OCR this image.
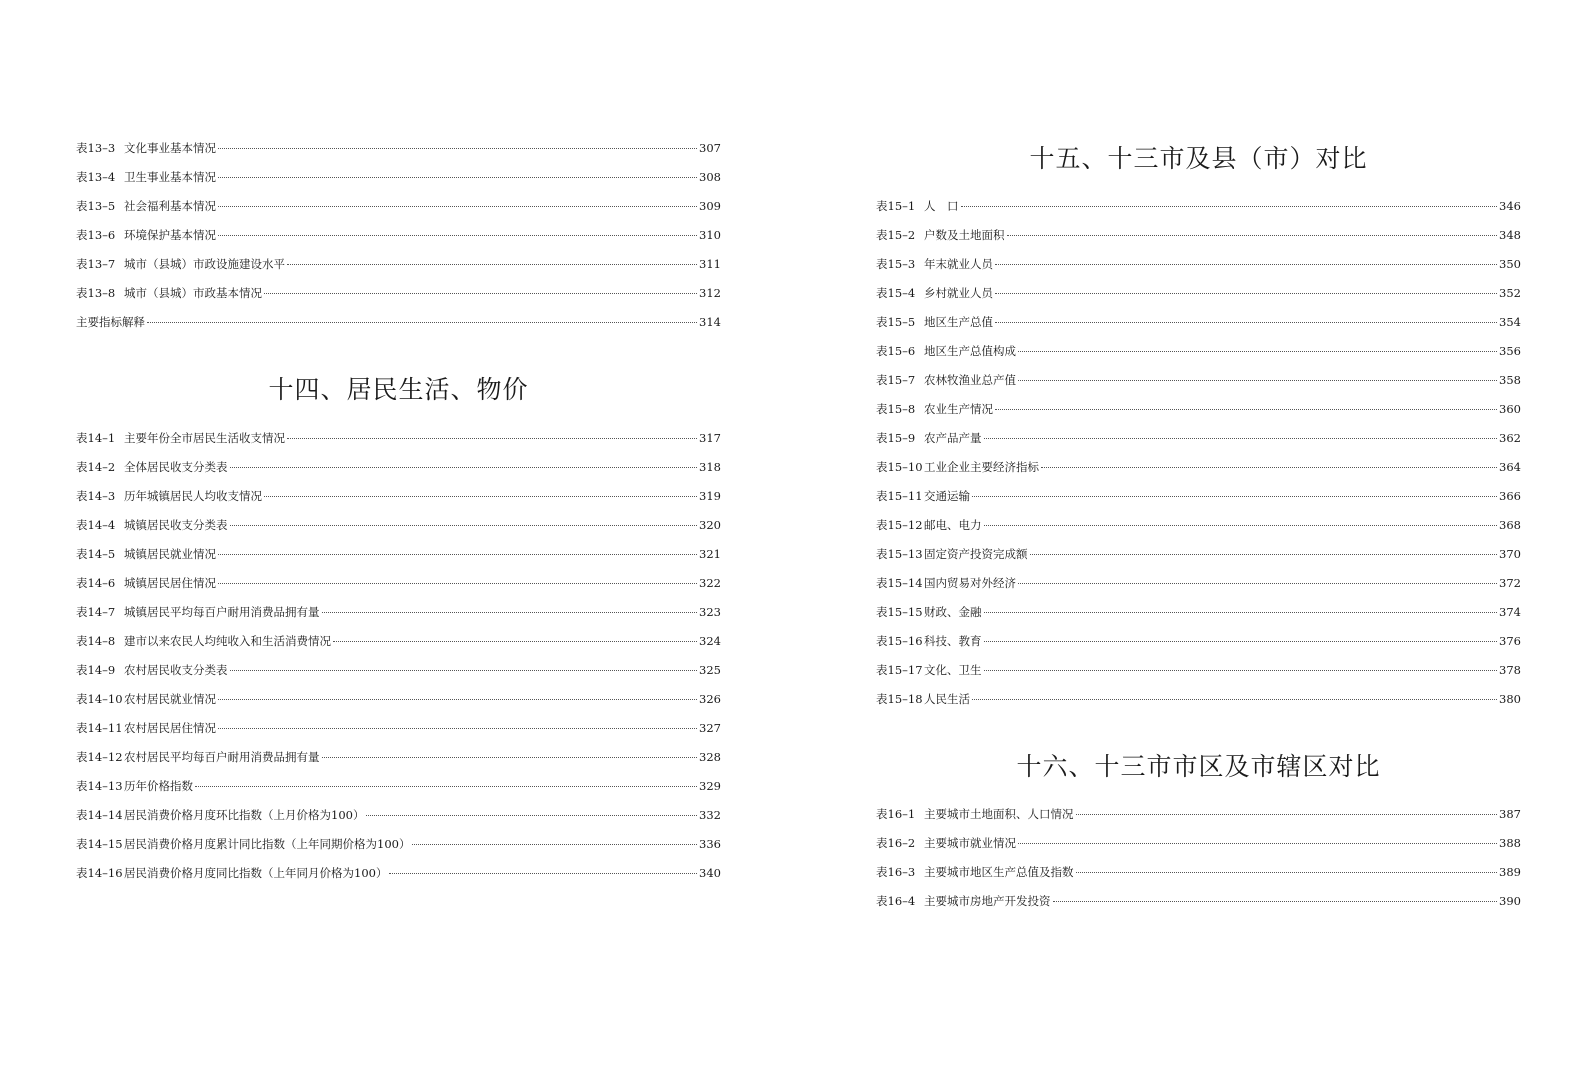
表13–3 文化事业基本情况	307
表13–4 卫生事业基本情况	308
表13–5 社会福利基本情况	309
表13–6 环境保护基本情况	310
表13–7 城市（县城）市政设施建设水平	311
表13–8 城市（县城）市政基本情况	312
主要指标解释	314
十四、居民生活、物价
表14–1 主要年份全市居民生活收支情况	317
表14–2 全体居民收支分类表	318
表14–3 历年城镇居民人均收支情况	319
表14–4 城镇居民收支分类表	320
表14–5 城镇居民就业情况	321
表14–6 城镇居民居住情况	322
表14–7 城镇居民平均每百户耐用消费品拥有量	323
表14–8 建市以来农民人均纯收入和生活消费情况	324
表14–9 农村居民收支分类表	325
表14–10 农村居民就业情况	326
表14–11 农村居民居住情况	327
表14–12 农村居民平均每百户耐用消费品拥有量	328
表14–13 历年价格指数	329
表14–14 居民消费价格月度环比指数（上月价格为100）	332
表14–15 居民消费价格月度累计同比指数（上年同期价格为100）	336
表14–16 居民消费价格月度同比指数（上年同月价格为100）	340
十五、十三市及县（市）对比
表15–1 人　口	346
表15–2 户数及土地面积	348
表15–3 年末就业人员	350
表15–4 乡村就业人员	352
表15–5 地区生产总值	354
表15–6 地区生产总值构成	356
表15–7 农林牧渔业总产值	358
表15–8 农业生产情况	360
表15–9 农产品产量	362
表15–10 工业企业主要经济指标	364
表15–11 交通运输	366
表15–12 邮电、电力	368
表15–13 固定资产投资完成额	370
表15–14 国内贸易对外经济	372
表15–15 财政、金融	374
表15–16 科技、教育	376
表15–17 文化、卫生	378
表15–18 人民生活	380
十六、十三市市区及市辖区对比
表16–1 主要城市土地面积、人口情况	387
表16–2 主要城市就业情况	388
表16–3 主要城市地区生产总值及指数	389
表16–4 主要城市房地产开发投资	390
